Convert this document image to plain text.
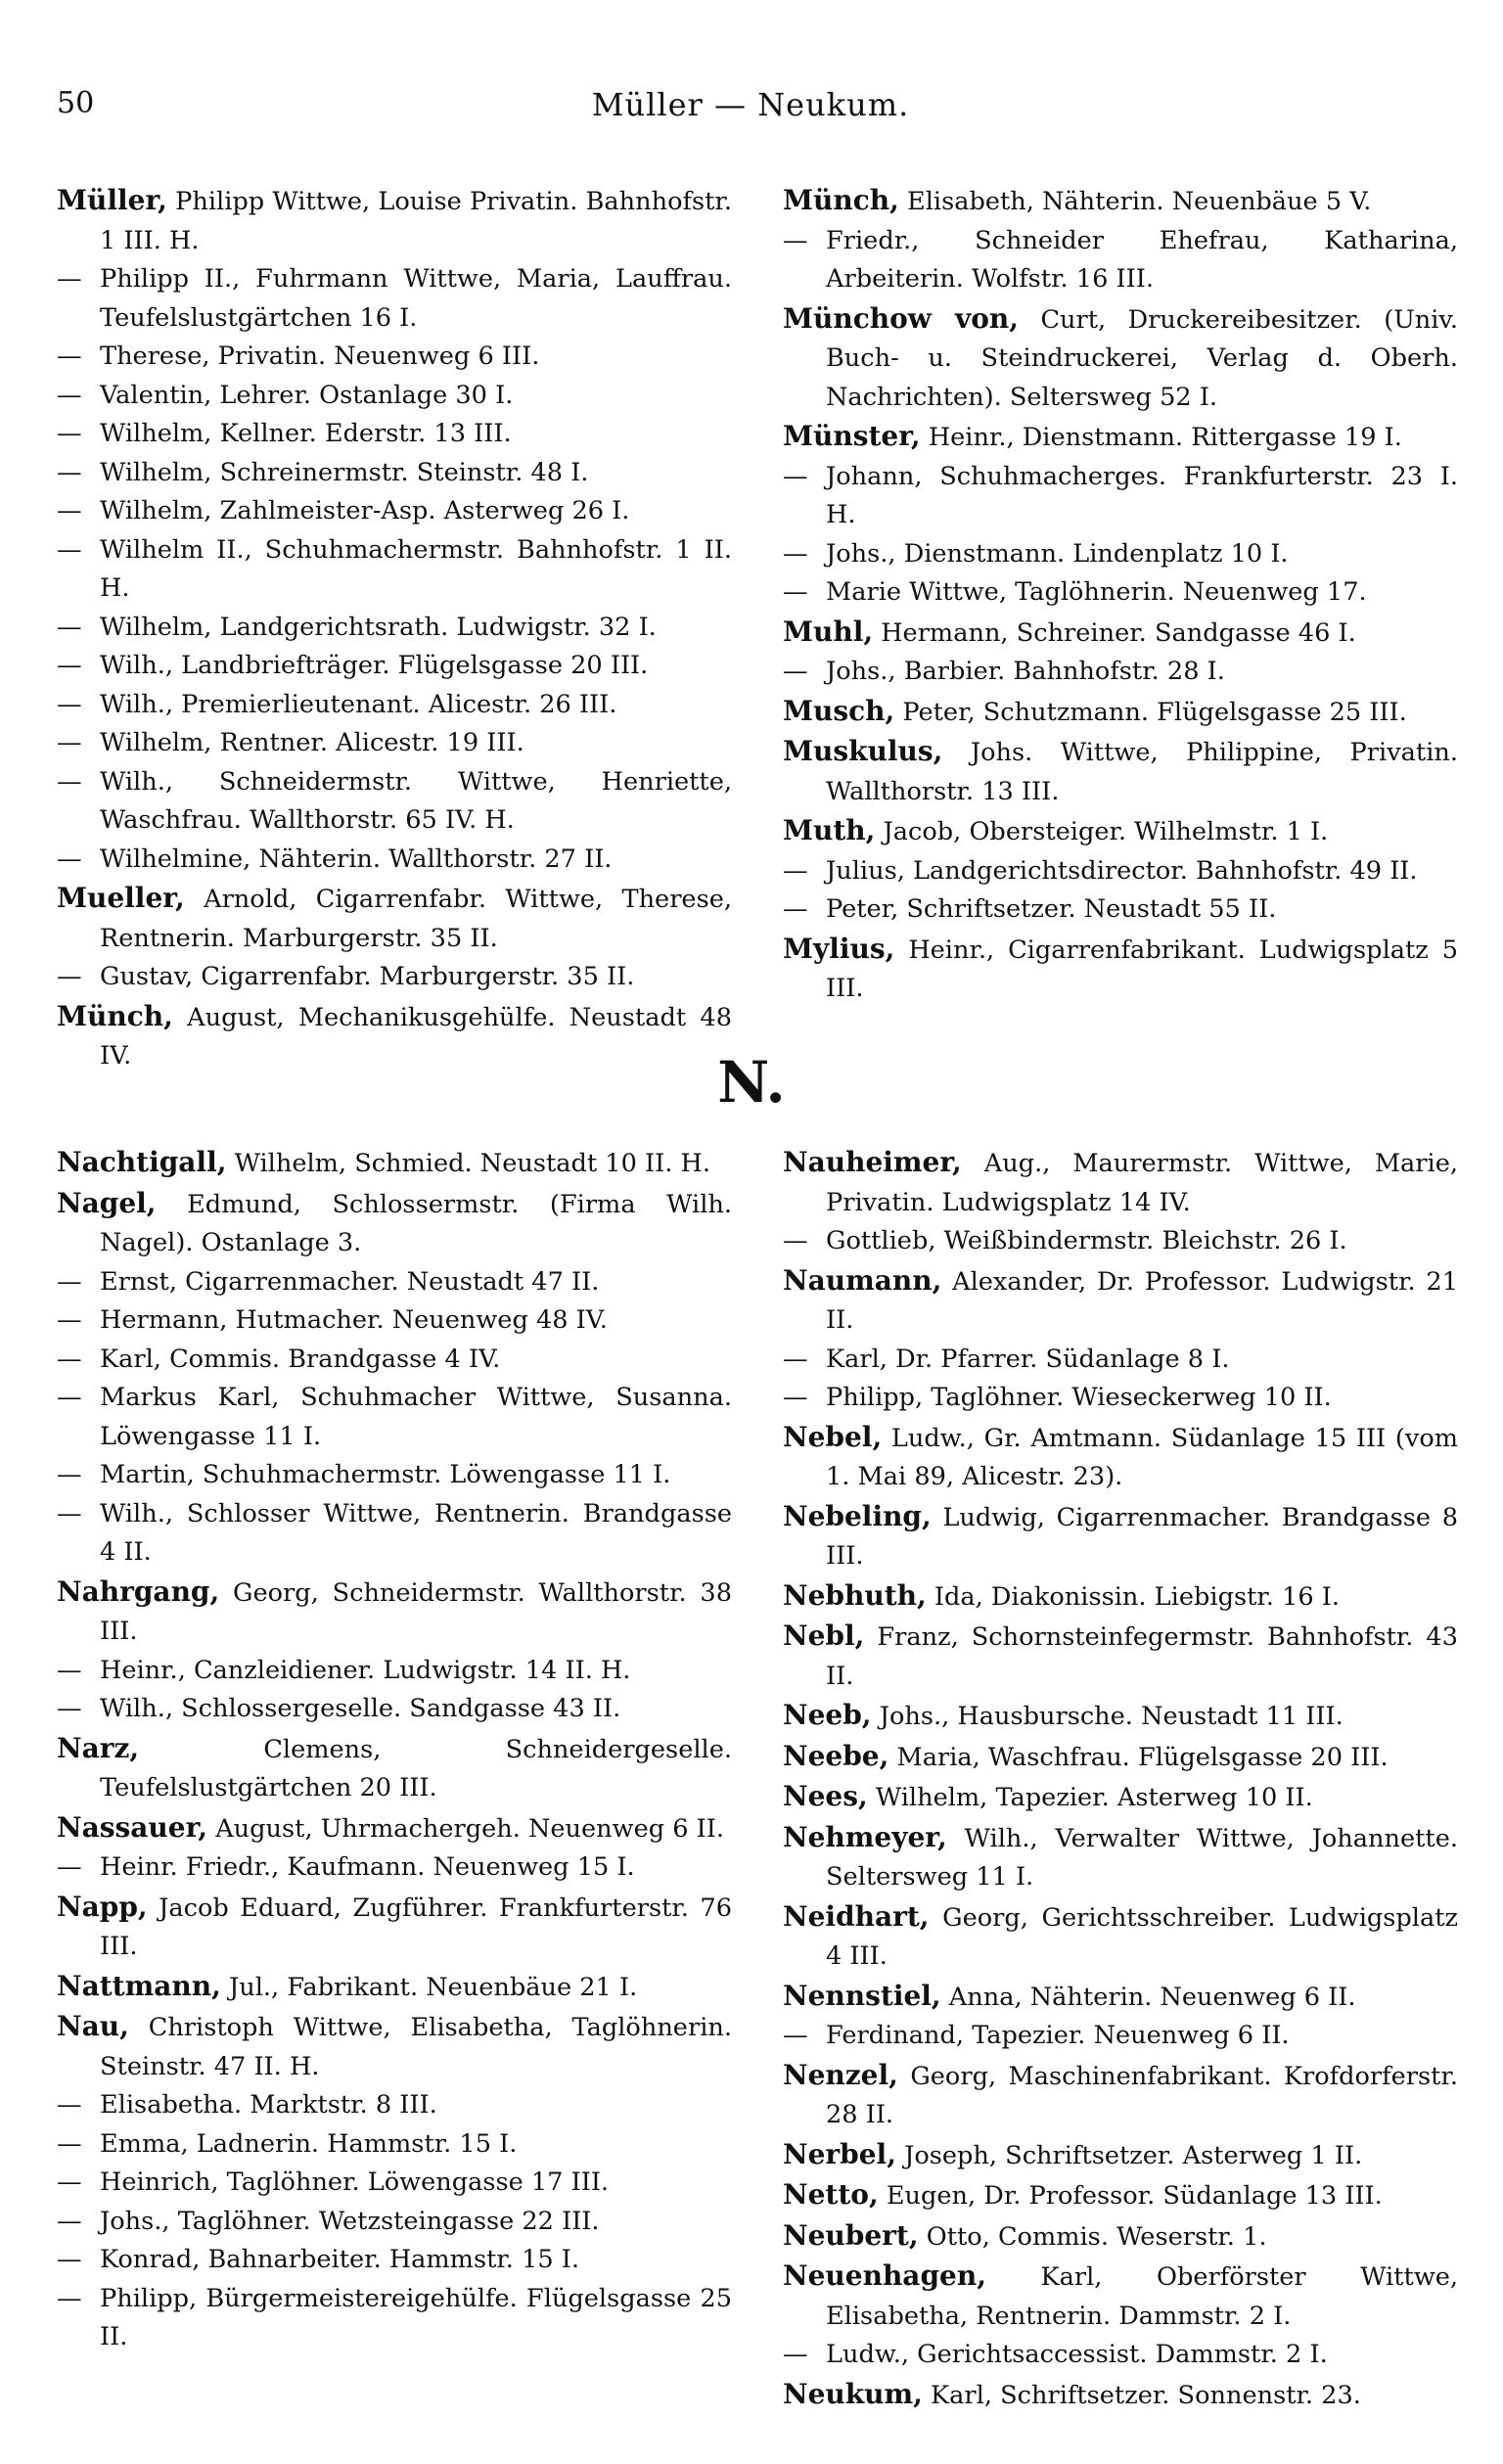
50	Müller — Neukum.
Müller, Philipp Wittwe, Louise Privatin. Bahnhofstr. 1 III. H.
— Philipp II., Fuhrmann Wittwe, Maria, Lauffrau. Teufelslustgärtchen 16 I.
— Therese, Privatin. Neuenweg 6 III.
— Valentin, Lehrer. Ostanlage 30 I.
— Wilhelm, Kellner. Ederstr. 13 III.
— Wilhelm, Schreinermstr. Steinstr. 48 I.
— Wilhelm, Zahlmeister-Asp. Asterweg 26 I.
— Wilhelm II., Schuhmachermstr. Bahnhofstr. 1 II. H.
— Wilhelm, Landgerichtsrath. Ludwigstr. 32 I.
— Wilh., Landbriefträger. Flügelsgasse 20 III.
— Wilh., Premierlieutenant. Alicestr. 26 III.
— Wilhelm, Rentner. Alicestr. 19 III.
— Wilh., Schneidermstr. Wittwe, Henriette, Waschfrau. Wallthorstr. 65 IV. H.
— Wilhelmine, Nähterin. Wallthorstr. 27 II.
Mueller, Arnold, Cigarrenfabr. Wittwe, Therese, Rentnerin. Marburgerstr. 35 II.
— Gustav, Cigarrenfabr. Marburgerstr. 35 II.
Münch, August, Mechanikusgehülfe. Neustadt 48 IV.
Münch, Elisabeth, Nähterin. Neuenbäue 5 V.
— Friedr., Schneider Ehefrau, Katharina, Arbeiterin. Wolfstr. 16 III.
Münchow von, Curt, Druckereibesitzer. (Univ. Buch- u. Steindruckerei, Verlag d. Oberh. Nachrichten). Seltersweg 52 I.
Münster, Heinr., Dienstmann. Rittergasse 19 I.
— Johann, Schuhmacherges. Frankfurterstr. 23 I. H.
— Johs., Dienstmann. Lindenplatz 10 I.
— Marie Wittwe, Taglöhnerin. Neuenweg 17.
Muhl, Hermann, Schreiner. Sandgasse 46 I.
— Johs., Barbier. Bahnhofstr. 28 I.
Musch, Peter, Schutzmann. Flügelsgasse 25 III.
Muskulus, Johs. Wittwe, Philippine, Privatin. Wallthorstr. 13 III.
Muth, Jacob, Obersteiger. Wilhelmstr. 1 I.
— Julius, Landgerichtsdirector. Bahnhofstr. 49 II.
— Peter, Schriftsetzer. Neustadt 55 II.
Mylius, Heinr., Cigarrenfabrikant. Ludwigsplatz 5 III.
N.
Nachtigall, Wilhelm, Schmied. Neustadt 10 II. H.
Nagel, Edmund, Schlossermstr. (Firma Wilh. Nagel). Ostanlage 3.
— Ernst, Cigarrenmacher. Neustadt 47 II.
— Hermann, Hutmacher. Neuenweg 48 IV.
— Karl, Commis. Brandgasse 4 IV.
— Markus Karl, Schuhmacher Wittwe, Susanna. Löwengasse 11 I.
— Martin, Schuhmachermstr. Löwengasse 11 I.
— Wilh., Schlosser Wittwe, Rentnerin. Brandgasse 4 II.
Nahrgang, Georg, Schneidermstr. Wallthorstr. 38 III.
— Heinr., Canzleidiener. Ludwigstr. 14 II. H.
— Wilh., Schlossergeselle. Sandgasse 43 II.
Narz,	Clemens, Schneidergeselle. Teufelslustgärtchen 20 III.
Nassauer, August, Uhrmachergeh. Neuenweg 6 II.
— Heinr. Friedr., Kaufmann. Neuenweg 15 I.
Napp, Jacob Eduard, Zugführer. Frankfurterstr. 76 III.
Nattmann, Jul., Fabrikant. Neuenbäue 21 I.
Nau, Christoph Wittwe, Elisabetha, Taglöhnerin. Steinstr. 47 II. H.
— Elisabetha. Marktstr. 8 III.
— Emma, Ladnerin. Hammstr. 15 I.
— Heinrich, Taglöhner. Löwengasse 17 III.
— Johs., Taglöhner. Wetzsteingasse 22 III.
— Konrad, Bahnarbeiter. Hammstr. 15 I.
— Philipp, Bürgermeistereigehülfe. Flügelsgasse 25 II.
Nauheimer, Aug., Maurermstr. Wittwe, Marie, Privatin. Ludwigsplatz 14 IV.
— Gottlieb, Weißbindermstr. Bleichstr. 26 I.
Naumann, Alexander, Dr. Professor. Ludwigstr. 21 II.
— Karl, Dr. Pfarrer. Südanlage 8 I.
— Philipp, Taglöhner. Wieseckerweg 10 II.
Nebel, Ludw., Gr. Amtmann. Südanlage 15 III (vom 1. Mai 89, Alicestr. 23).
Nebeling, Ludwig, Cigarrenmacher. Brandgasse 8 III.
Nebhuth, Ida, Diakonissin. Liebigstr. 16 I.
Nebl, Franz, Schornsteinfegermstr. Bahnhofstr. 43 II.
Neeb, Johs., Hausbursche. Neustadt 11 III.
Neebe, Maria, Waschfrau. Flügelsgasse 20 III.
Nees, Wilhelm, Tapezier. Asterweg 10 II.
Nehmeyer, Wilh., Verwalter Wittwe, Johannette. Seltersweg 11 I.
Neidhart, Georg, Gerichtsschreiber. Ludwigsplatz 4 III.
Nennstiel, Anna, Nähterin. Neuenweg 6 II.
— Ferdinand, Tapezier. Neuenweg 6 II.
Nenzel, Georg, Maschinenfabrikant. Krofdorferstr. 28 II.
Nerbel, Joseph, Schriftsetzer. Asterweg 1 II.
Netto, Eugen, Dr. Professor. Südanlage 13 III.
Neubert, Otto, Commis. Weserstr. 1.
Neuenhagen, Karl, Oberförster Wittwe, Elisabetha, Rentnerin. Dammstr. 2 I.
— Ludw., Gerichtsaccessist. Dammstr. 2 I.
Neukum, Karl, Schriftsetzer. Sonnenstr. 23.
